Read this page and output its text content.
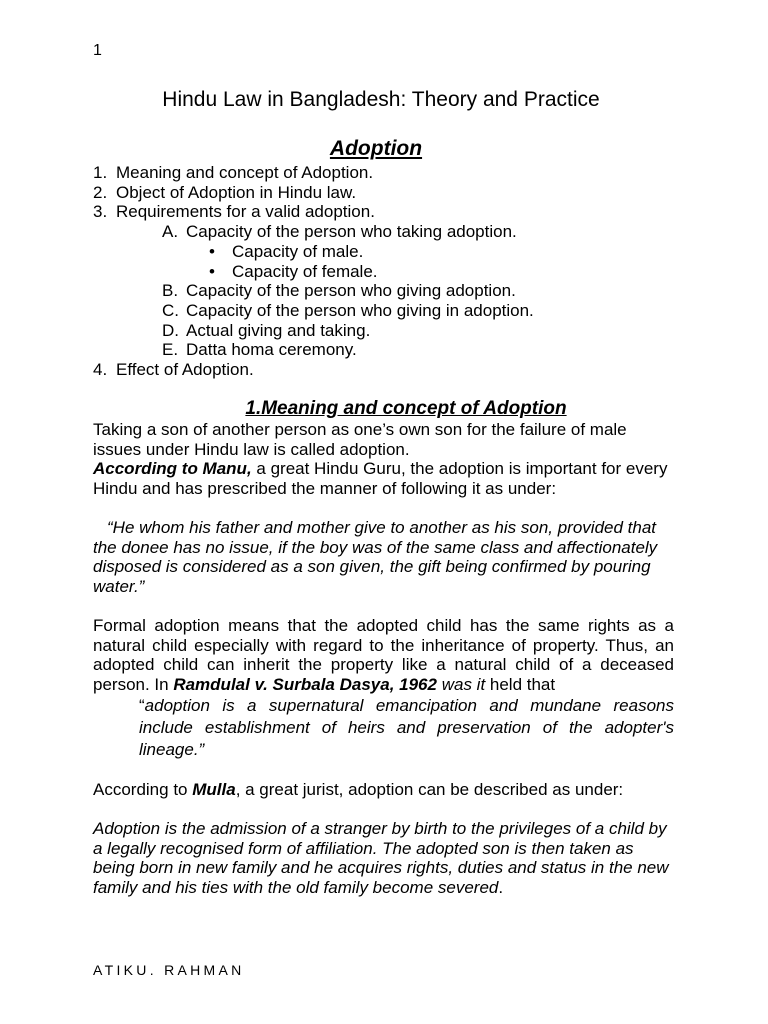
1
Hindu Law in Bangladesh: Theory and Practice
Adoption
1. Meaning and concept of Adoption.
2. Object of Adoption in Hindu law.
3. Requirements for a valid adoption.
A. Capacity of the person who taking adoption.
• Capacity of male.
• Capacity of female.
B. Capacity of the person who giving adoption.
C. Capacity of the person who giving in adoption.
D. Actual giving and taking.
E. Datta homa ceremony.
4. Effect of Adoption.
1.Meaning and concept of Adoption
Taking a son of another person as one’s own son for the failure of male issues under Hindu law is called adoption.
According to Manu, a great Hindu Guru, the adoption is important for every Hindu and has prescribed the manner of following it as under:
“He whom his father and mother give to another as his son, provided that the donee has no issue, if the boy was of the same class and affectionately disposed is considered as a son given, the gift being confirmed by pouring water.”
Formal adoption means that the adopted child has the same rights as a natural child especially with regard to the inheritance of property. Thus, an adopted child can inherit the property like a natural child of a deceased person. In Ramdulal v. Surbala Dasya, 1962 was it held that
“adoption is a supernatural emancipation and mundane reasons include establishment of heirs and preservation of the adopter's lineage.”
According to Mulla, a great jurist, adoption can be described as under:
Adoption is the admission of a stranger by birth to the privileges of a child by a legally recognised form of affiliation. The adopted son is then taken as being born in new family and he acquires rights, duties and status in the new family and his ties with the old family become severed.
ATIKU. RAHMAN
